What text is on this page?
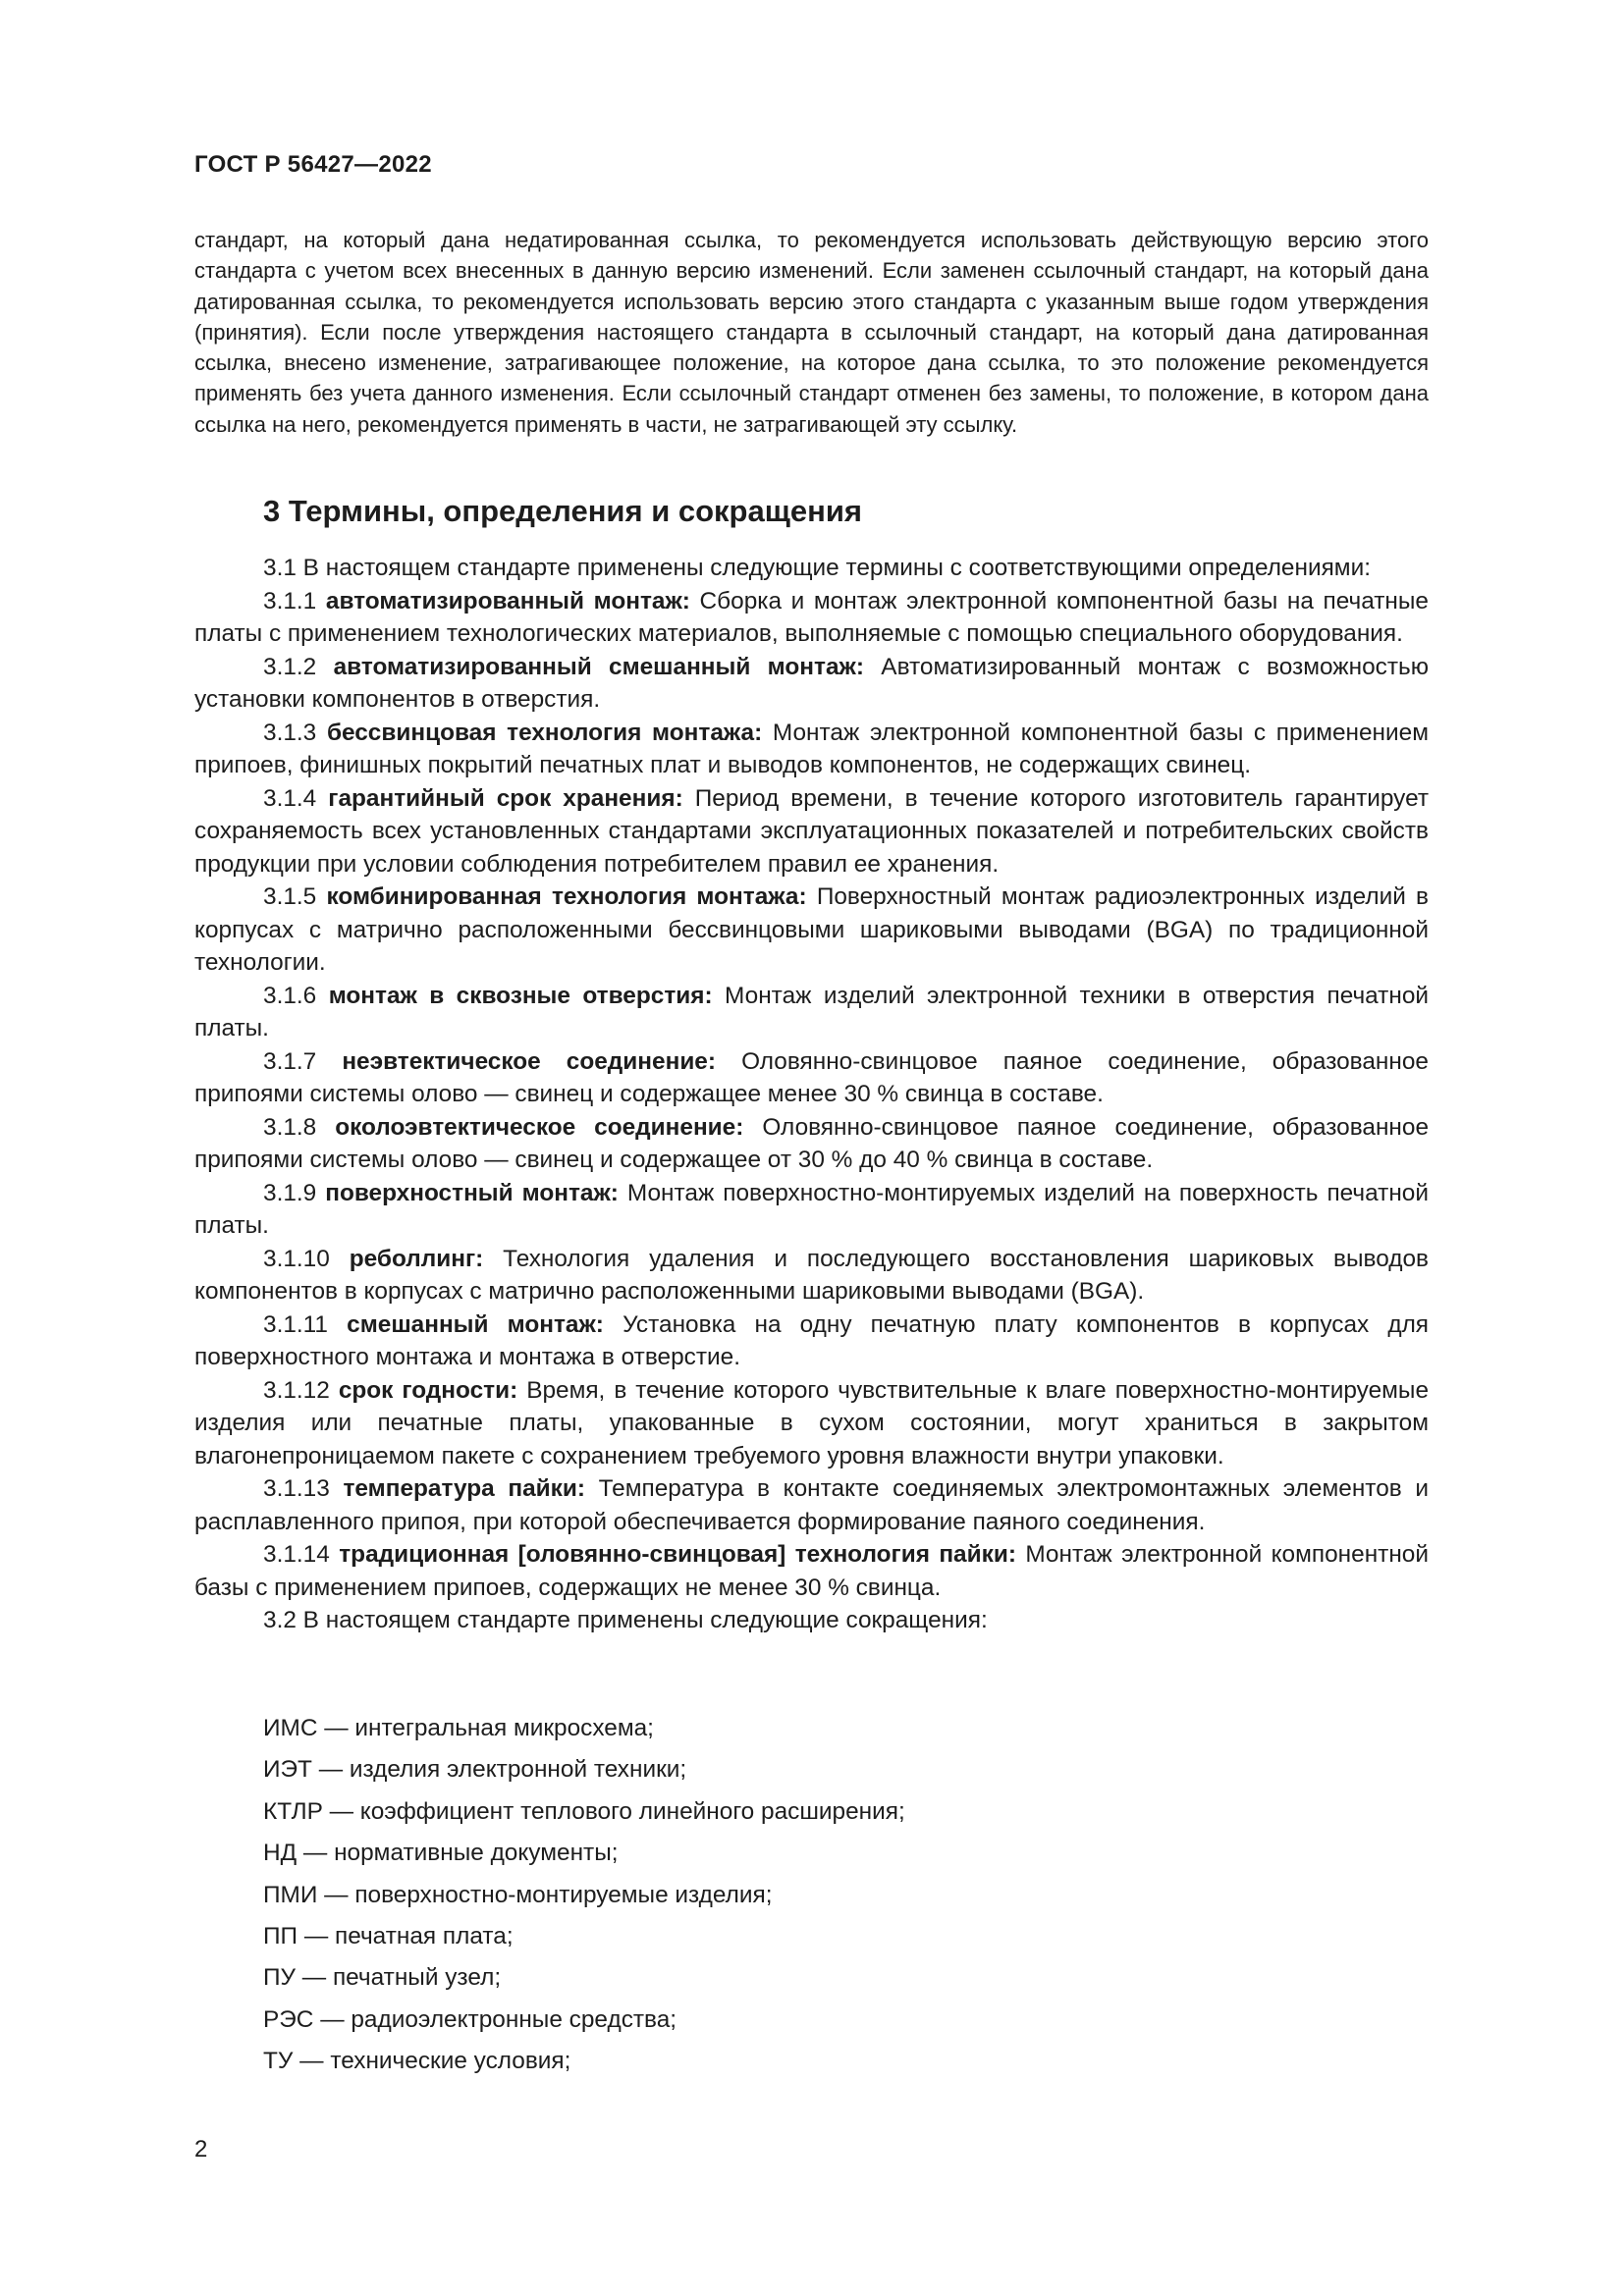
ГОСТ Р 56427—2022
стандарт, на который дана недатированная ссылка, то рекомендуется использовать действующую версию этого стандарта с учетом всех внесенных в данную версию изменений. Если заменен ссылочный стандарт, на который дана датированная ссылка, то рекомендуется использовать версию этого стандарта с указанным выше годом утверждения (принятия). Если после утверждения настоящего стандарта в ссылочный стандарт, на который дана датированная ссылка, внесено изменение, затрагивающее положение, на которое дана ссылка, то это положение рекомендуется применять без учета данного изменения. Если ссылочный стандарт отменен без замены, то положение, в котором дана ссылка на него, рекомендуется применять в части, не затрагивающей эту ссылку.
3 Термины, определения и сокращения

3.1 В настоящем стандарте применены следующие термины с соответствующими определениями:

3.1.1 автоматизированный монтаж: Сборка и монтаж электронной компонентной базы на печатные платы с применением технологических материалов, выполняемые с помощью специального оборудования.

3.1.2 автоматизированный смешанный монтаж: Автоматизированный монтаж с возможностью установки компонентов в отверстия.

3.1.3 бессвинцовая технология монтажа: Монтаж электронной компонентной базы с применением припоев, финишных покрытий печатных плат и выводов компонентов, не содержащих свинец.

3.1.4 гарантийный срок хранения: Период времени, в течение которого изготовитель гарантирует сохраняемость всех установленных стандартами эксплуатационных показателей и потребительских свойств продукции при условии соблюдения потребителем правил ее хранения.

3.1.5 комбинированная технология монтажа: Поверхностный монтаж радиоэлектронных изделий в корпусах с матрично расположенными бессвинцовыми шариковыми выводами (BGA) по традиционной технологии.

3.1.6 монтаж в сквозные отверстия: Монтаж изделий электронной техники в отверстия печатной платы.

3.1.7 неэвтектическое соединение: Оловянно-свинцовое паяное соединение, образованное припоями системы олово — свинец и содержащее менее 30 % свинца в составе.

3.1.8 околоэвтектическое соединение: Оловянно-свинцовое паяное соединение, образованное припоями системы олово — свинец и содержащее от 30 % до 40 % свинца в составе.

3.1.9 поверхностный монтаж: Монтаж поверхностно-монтируемых изделий на поверхность печатной платы.

3.1.10 реболлинг: Технология удаления и последующего восстановления шариковых выводов компонентов в корпусах с матрично расположенными шариковыми выводами (BGA).

3.1.11 смешанный монтаж: Установка на одну печатную плату компонентов в корпусах для поверхностного монтажа и монтажа в отверстие.

3.1.12 срок годности: Время, в течение которого чувствительные к влаге поверхностно-монтируемые изделия или печатные платы, упакованные в сухом состоянии, могут храниться в закрытом влагонепроницаемом пакете с сохранением требуемого уровня влажности внутри упаковки.

3.1.13 температура пайки: Температура в контакте соединяемых электромонтажных элементов и расплавленного припоя, при которой обеспечивается формирование паяного соединения.

3.1.14 традиционная [оловянно-свинцовая] технология пайки: Монтаж электронной компонентной базы с применением припоев, содержащих не менее 30 % свинца.

3.2 В настоящем стандарте применены следующие сокращения:

ИМС — интегральная микросхема;
ИЭТ — изделия электронной техники;
КТЛР — коэффициент теплового линейного расширения;
НД — нормативные документы;
ПМИ — поверхностно-монтируемые изделия;
ПП — печатная плата;
ПУ — печатный узел;
РЭС — радиоэлектронные средства;
ТУ — технические условия;
2
